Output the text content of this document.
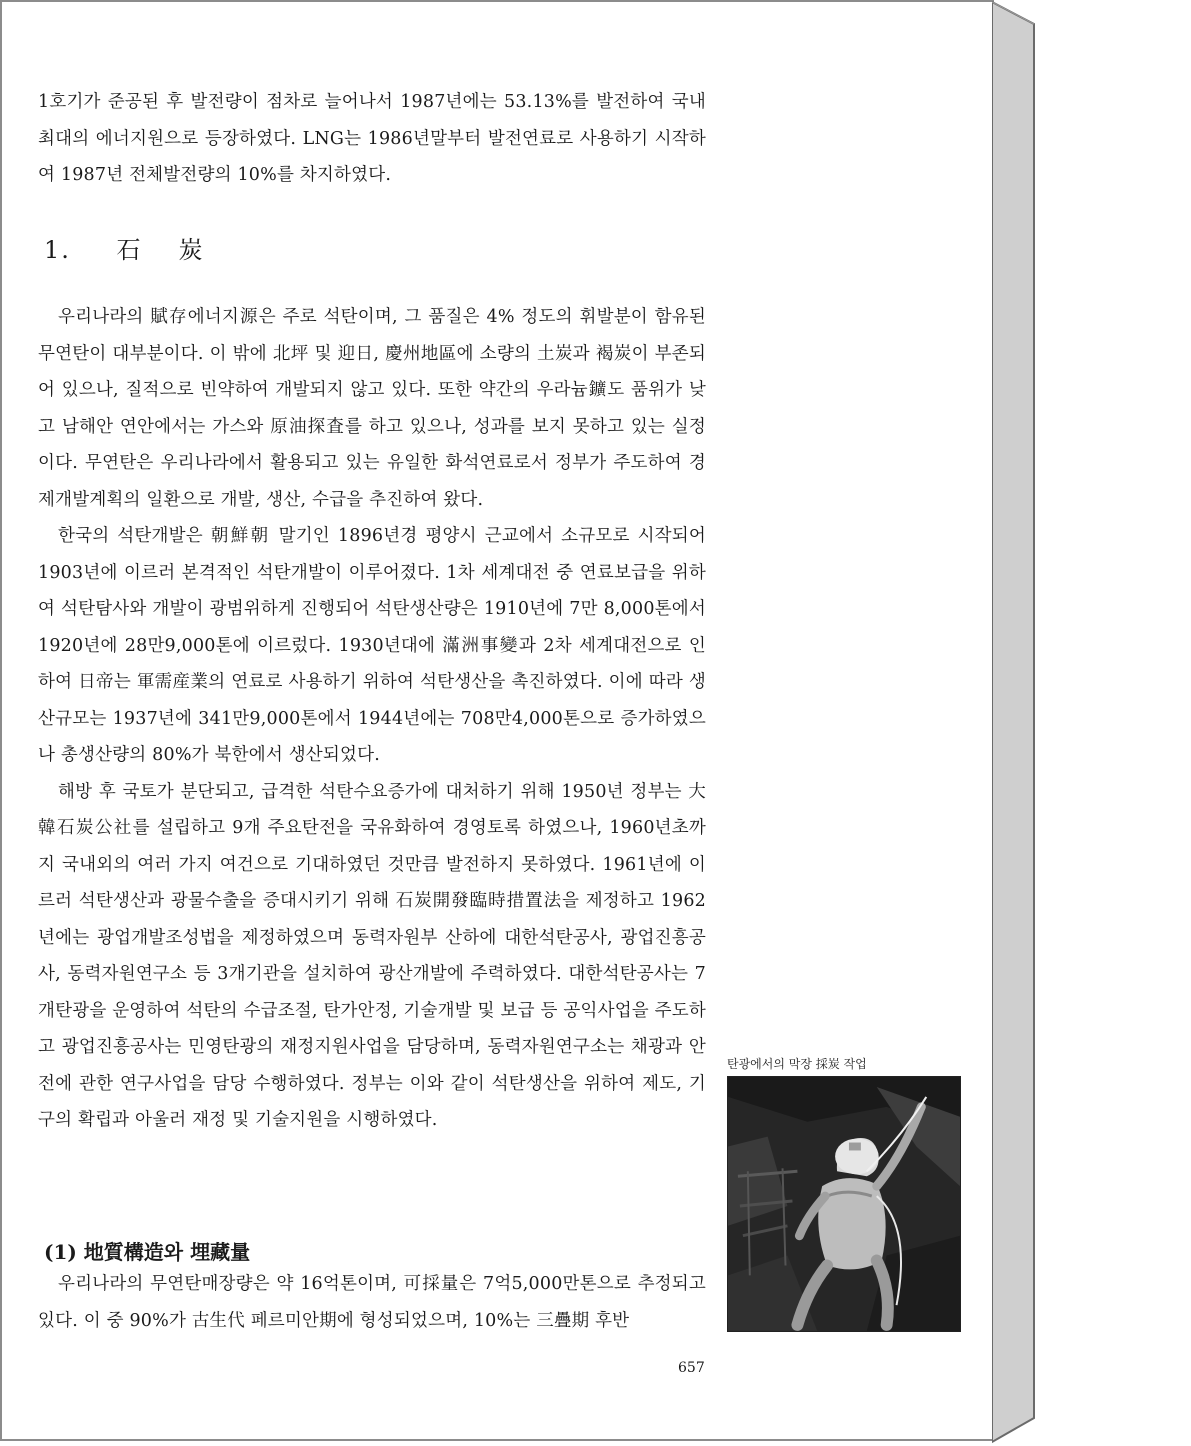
1호기가 준공된 후 발전량이 점차로 늘어나서 1987년에는 53.13%를 발전하여 국내 최대의 에너지원으로 등장하였다. LNG는 1986년말부터 발전연료로 사용하기 시작하여 1987년 전체발전량의 10%를 차지하였다.

1. 石 炭

우리나라의 賦存에너지源은 주로 석탄이며, 그 품질은 4% 정도의 휘발분이 함유된 무연탄이 대부분이다. 이 밖에 北坪 및 迎日, 慶州地區에 소량의 土炭과 褐炭이 부존되어 있으나, 질적으로 빈약하여 개발되지 않고 있다. 또한 약간의 우라늄鑛도 품위가 낮고 남해안 연안에서는 가스와 原油探査를 하고 있으나, 성과를 보지 못하고 있는 실정이다. 무연탄은 우리나라에서 활용되고 있는 유일한 화석연료로서 정부가 주도하여 경제개발계획의 일환으로 개발, 생산, 수급을 추진하여 왔다.

한국의 석탄개발은 朝鮮朝 말기인 1896년경 평양시 근교에서 소규모로 시작되어 1903년에 이르러 본격적인 석탄개발이 이루어졌다. 1차 세계대전 중 연료보급을 위하여 석탄탐사와 개발이 광범위하게 진행되어 석탄생산량은 1910년에 7만 8,000톤에서 1920년에 28만9,000톤에 이르렀다. 1930년대에 滿洲事變과 2차 세계대전으로 인하여 日帝는 軍需産業의 연료로 사용하기 위하여 석탄생산을 촉진하였다. 이에 따라 생산규모는 1937년에 341만9,000톤에서 1944년에는 708만4,000톤으로 증가하였으나 총생산량의 80%가 북한에서 생산되었다.

해방 후 국토가 분단되고, 급격한 석탄수요증가에 대처하기 위해 1950년 정부는 大韓石炭公社를 설립하고 9개 주요탄전을 국유화하여 경영토록 하였으나, 1960년초까지 국내외의 여러 가지 여건으로 기대하였던 것만큼 발전하지 못하였다. 1961년에 이르러 석탄생산과 광물수출을 증대시키기 위해 石炭開發臨時措置法을 제정하고 1962년에는 광업개발조성법을 제정하였으며 동력자원부 산하에 대한석탄공사, 광업진흥공사, 동력자원연구소 등 3개기관을 설치하여 광산개발에 주력하였다. 대한석탄공사는 7개탄광을 운영하여 석탄의 수급조절, 탄가안정, 기술개발 및 보급 등 공익사업을 주도하고 광업진흥공사는 민영탄광의 재정지원사업을 담당하며, 동력자원연구소는 채광과 안전에 관한 연구사업을 담당 수행하였다. 정부는 이와 같이 석탄생산을 위하여 제도, 기구의 확립과 아울러 재정 및 기술지원을 시행하였다.

(1) 地質構造와 埋藏量

우리나라의 무연탄매장량은 약 16억톤이며, 可採量은 7억5,000만톤으로 추정되고 있다. 이 중 90%가 古生代 페르미안期에 형성되었으며, 10%는 三疊期 후반

탄광에서의 막장 採炭 작업
657
